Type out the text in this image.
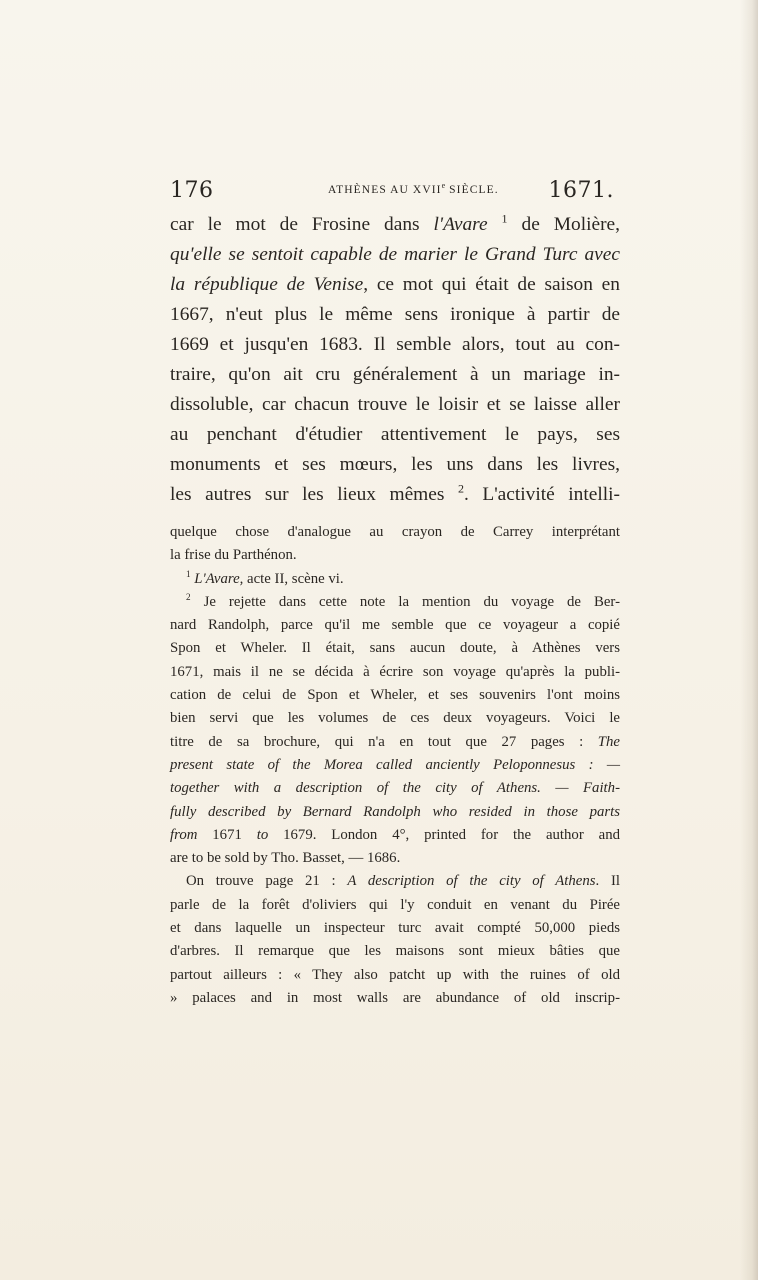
176	ATHÈNES AU XVIIe SIÈCLE. 1671.
car le mot de Frosine dans l'Avare $^1$ de Molière,
qu'elle se sentoit capable de marier le Grand Turc avec
la république de Venise, ce mot qui était de saison en
1667, n'eut plus le même sens ironique à partir de
1669 et jusqu'en 1683. Il semble alors, tout au con-
traire, qu'on ait cru généralement à un mariage in-
dissoluble, car chacun trouve le loisir et se laisse aller
au penchant d'étudier attentivement le pays, ses
monuments et ses mœurs, les uns dans les livres,
les autres sur les lieux mêmes $^2$. L'activité intelli-
quelque chose d'analogue au crayon de Carrey interprétant
la frise du Parthénon.
$^1$ L'Avare, acte II, scène vi.
$^2$ Je rejette dans cette note la mention du voyage de Ber-
nard Randolph, parce qu'il me semble que ce voyageur a copié
Spon et Wheler. Il était, sans aucun doute, à Athènes vers
1671, mais il ne se décida à écrire son voyage qu'après la publi-
cation de celui de Spon et Wheler, et ses souvenirs l'ont moins
bien servi que les volumes de ces deux voyageurs. Voici le
titre de sa brochure, qui n'a en tout que 27 pages : The
present state of the Morea called anciently Peloponnesus : —
together with a description of the city of Athens. — Faith-
fully described by Bernard Randolph who resided in those parts
from 1671 to 1679. London 4°, printed for the author and
are to be sold by Tho. Basset, — 1686.
On trouve page 21 : A description of the city of Athens. Il
parle de la forêt d'oliviers qui l'y conduit en venant du Pirée
et dans laquelle un inspecteur turc avait compté 50,000 pieds
d'arbres. Il remarque que les maisons sont mieux bâties que
partout ailleurs : « They also patcht up with the ruines of old
» palaces and in most walls are abundance of old inscrip-
